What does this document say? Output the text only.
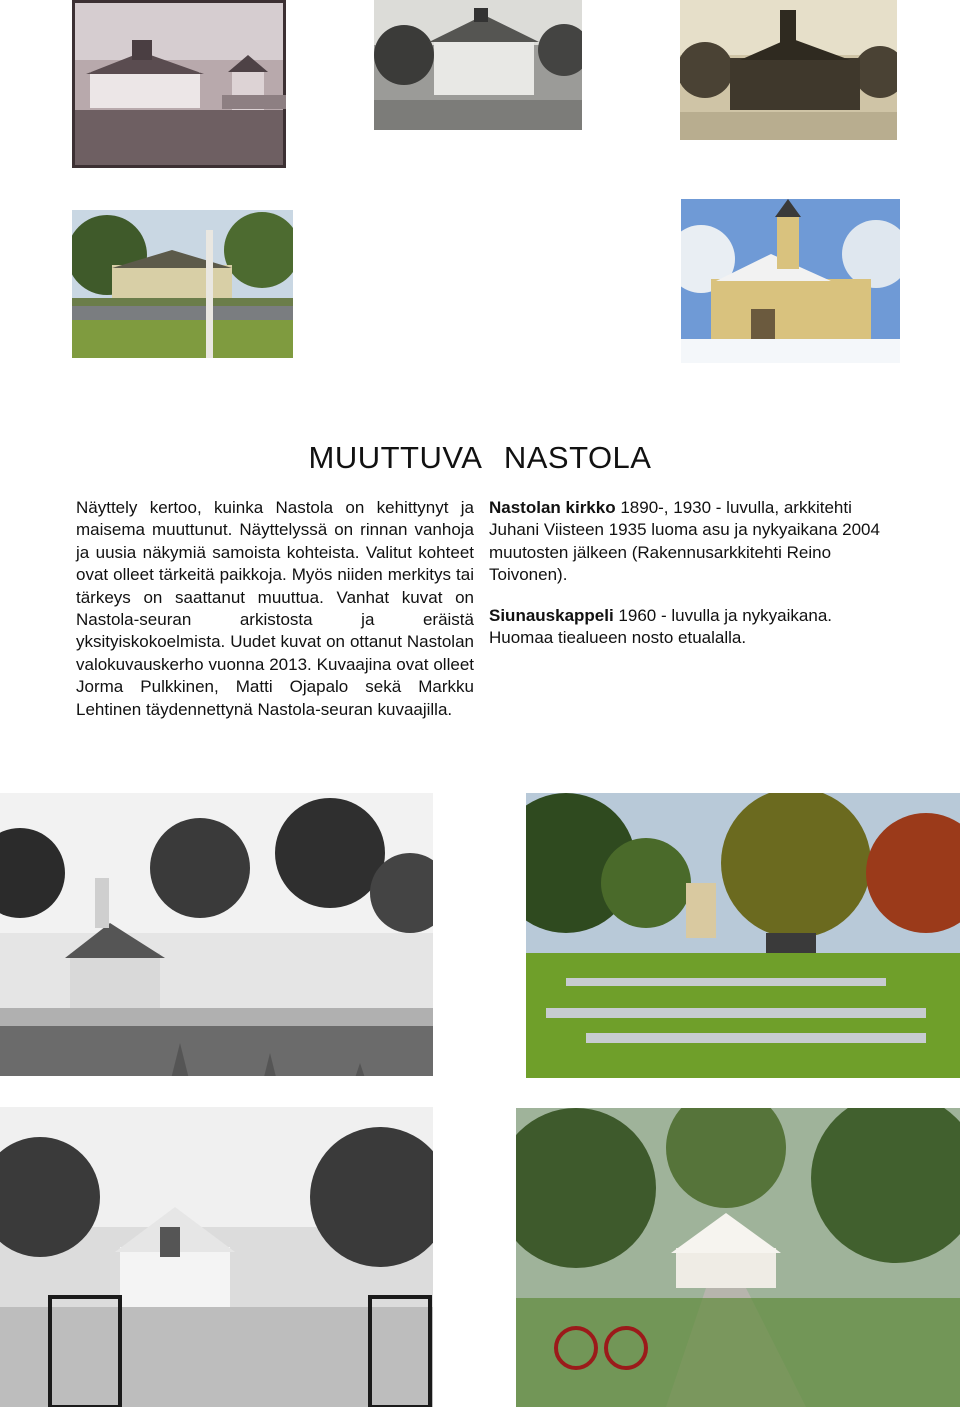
MUUTTUVA NASTOLA

Näyttely kertoo, kuinka Nastola on kehittynyt ja maisema muuttunut. Näyttelyssä on rinnan vanhoja ja uusia näkymiä samoista kohteista. Valitut kohteet ovat olleet tärkeitä paikkoja. Myös niiden merkitys tai tärkeys on saattanut muuttua. Vanhat kuvat on Nastola-seuran arkistosta ja eräistä yksityiskokoelmista. Uudet kuvat on ottanut Nastolan valokuvauskerho vuonna 2013. Kuvaajina ovat olleet Jorma Pulkkinen, Matti Ojapalo sekä Markku Lehtinen täydennettynä Nastola-seuran kuvaajilla.

Nastolan kirkko 1890-, 1930 - luvulla, arkkitehti Juhani Viisteen 1935 luoma asu ja nykyaikana 2004 muutosten jälkeen (Rakennusarkkitehti Reino Toivonen).

Siunauskappeli 1960 - luvulla ja nykyaikana. Huomaa tiealueen nosto etualalla.
